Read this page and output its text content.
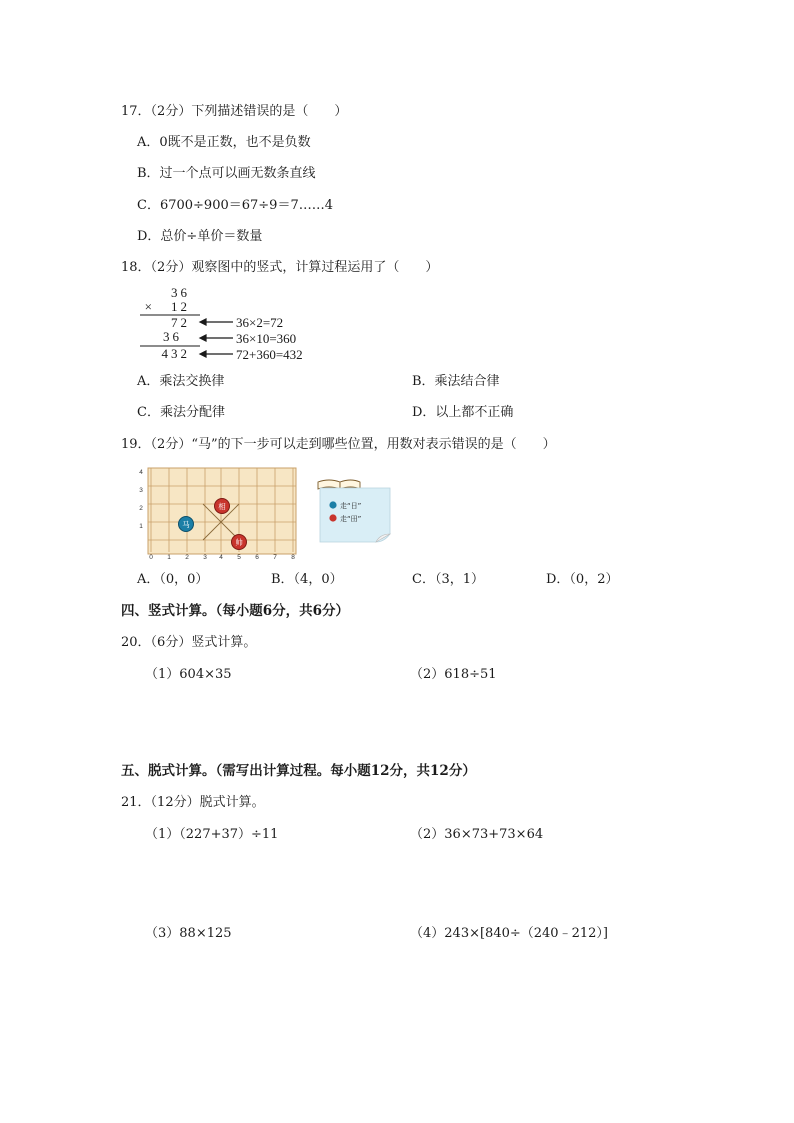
17．（2分）下列描述错误的是（　　）
A．0既不是正数，也不是负数
B．过一个点可以画无数条直线
C．6700÷900＝67÷9＝7……4
D．总价÷单价＝数量
18．（2分）观察图中的竖式，计算过程运用了（　　）
36
×　12
72
36
432
36×2=72
36×10=360
72+360=432
A．乘法交换律	B．乘法结合律
C．乘法分配律	D．以上都不正确
19．（2分）“马”的下一步可以走到哪些位置，用数对表示错误的是（　　）
0 1 2 3 4 5 6 7 8
1
2
3
4
马
相
帅
走“日”
走“田”
A．（0，0）	B．（4，0）	C．（3，1）	D．（0，2）
四、竖式计算。（每小题6分，共6分）
20．（6分）竖式计算。
（1）604×35	（2）618÷51
五、脱式计算。（需写出计算过程。每小题12分，共12分）
21．（12分）脱式计算。
（1）（227+37）÷11	（2）36×73+73×64
（3）88×125	（4）243×[840÷（240﹣212）]
